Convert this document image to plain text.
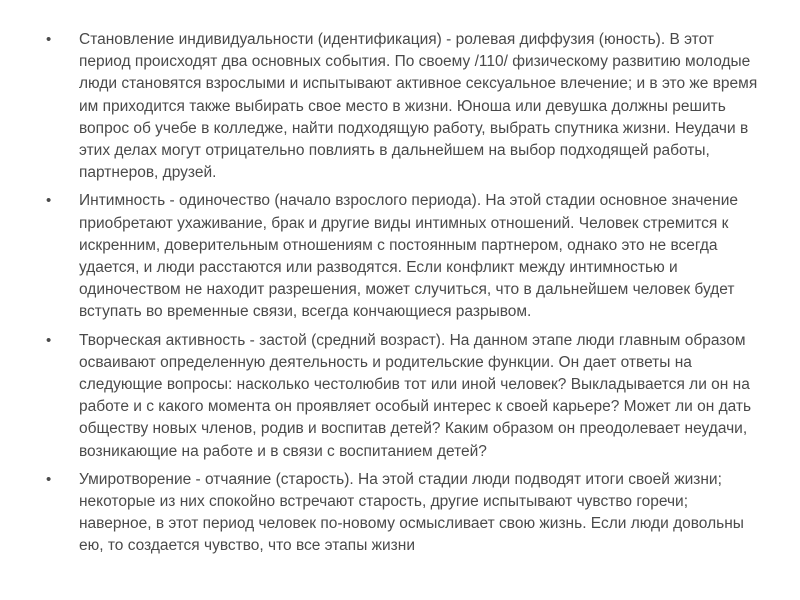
• Становление индивидуальности (идентификация) - ролевая диффузия (юность). В этот период происходят два основных события. По своему /110/ физическому развитию молодые люди становятся взрослыми и испытывают активное сексуальное влечение; и в это же время им приходится также выбирать свое место в жизни. Юноша или девушка должны решить вопрос об учебе в колледже, найти подходящую работу, выбрать спутника жизни. Неудачи в этих делах могут отрицательно повлиять в дальнейшем на выбор подходящей работы, партнеров, друзей.
• Интимность - одиночество (начало взрослого периода). На этой стадии основное значение приобретают ухаживание, брак и другие виды интимных отношений. Человек стремится к искренним, доверительным отношениям с постоянным партнером, однако это не всегда удается, и люди расстаются или разводятся. Если конфликт между интимностью и одиночеством не находит разрешения, может случиться, что в дальнейшем человек будет вступать во временные связи, всегда кончающиеся разрывом.
• Творческая активность - застой (средний возраст). На данном этапе люди главным образом осваивают определенную деятельность и родительские функции. Он дает ответы на следующие вопросы: насколько честолюбив тот или иной человек? Выкладывается ли он на работе и с какого момента он проявляет особый интерес к своей карьере? Может ли он дать обществу новых членов, родив и воспитав детей? Каким образом он преодолевает неудачи, возникающие на работе и в связи с воспитанием детей?
• Умиротворение - отчаяние (старость). На этой стадии люди подводят итоги своей жизни; некоторые из них спокойно встречают старость, другие испытывают чувство горечи; наверное, в этот период человек по-новому осмысливает свою жизнь. Если люди довольны ею, то создается чувство, что все этапы жизни
